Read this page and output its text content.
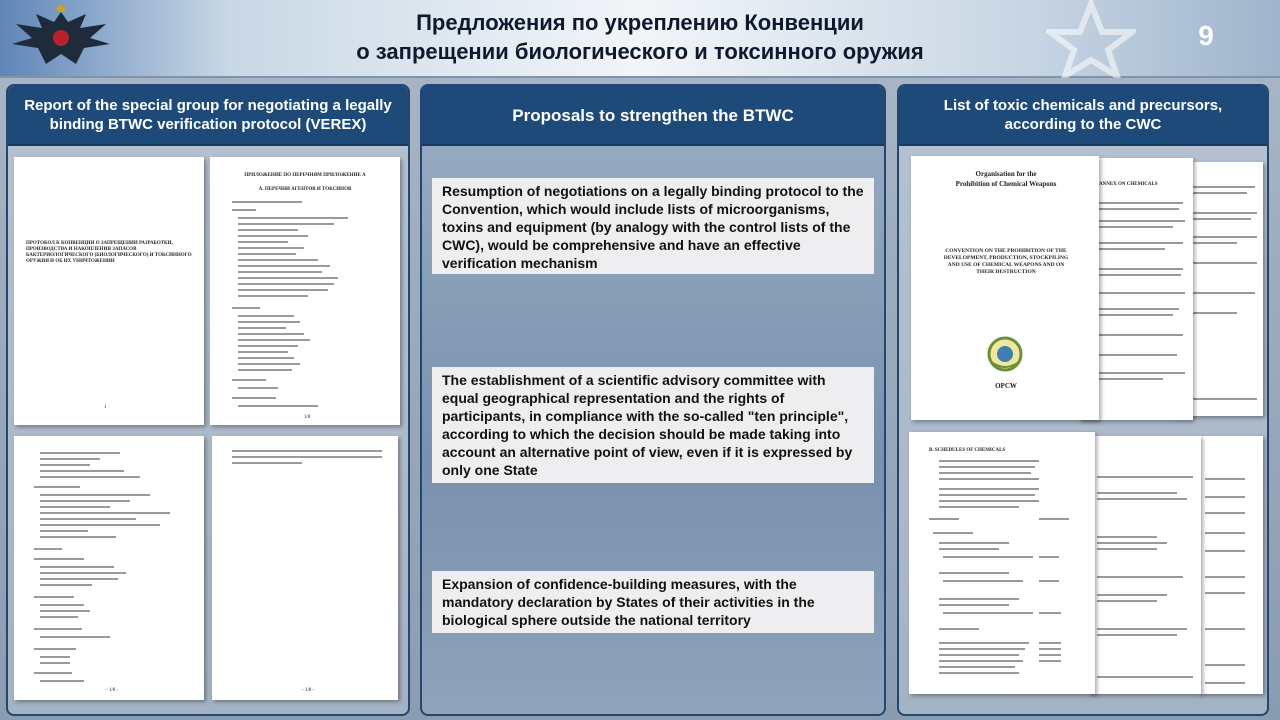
Предложения по укреплению Конвенции
о запрещении биологического и токсинного оружия
9
Report of the special group for negotiating a legally binding BTWC verification protocol (VEREX)
ПРОТОКОЛ К КОНВЕНЦИИ О ЗАПРЕЩЕНИИ РАЗРАБОТКИ, ПРОИЗВОДСТВА И НАКОПЛЕНИЯ ЗАПАСОВ БАКТЕРИОЛОГИЧЕСКОГО (БИОЛОГИЧЕСКОГО) И ТОКСИННОГО ОРУЖИЯ И ОБ ИХ УНИЧТОЖЕНИИ
1
ПРИЛОЖЕНИЕ ПО ПЕРЕЧНЯМ ПРИЛОЖЕНИЕ А
A. ПЕРЕЧНИ АГЕНТОВ И ТОКСИНОВ
1/8
- 1/8 -	- 1/8 -
Proposals to strengthen the BTWC
Resumption of negotiations on a legally binding protocol to the Convention, which would include lists of microorganisms, toxins and equipment (by analogy with the control lists of the CWC), would be comprehensive and have an effective verification mechanism
The establishment of a scientific advisory committee with equal geographical representation and the rights of participants, in compliance with the so-called "ten principle", according to which the decision should be made taking into account an alternative point of view, even if it is expressed by only one State
Expansion of confidence-building measures, with the mandatory declaration by States of their activities in the biological sphere outside the national territory
List of toxic chemicals and precursors, according to the CWC
ANNEX ON CHEMICALS
Organisation for the
Prohibition of Chemical Weapons
CONVENTION ON THE PROHIBITION OF THE DEVELOPMENT, PRODUCTION, STOCKPILING AND USE OF CHEMICAL WEAPONS AND ON THEIR DESTRUCTION
OPCW
B. SCHEDULES OF CHEMICALS
